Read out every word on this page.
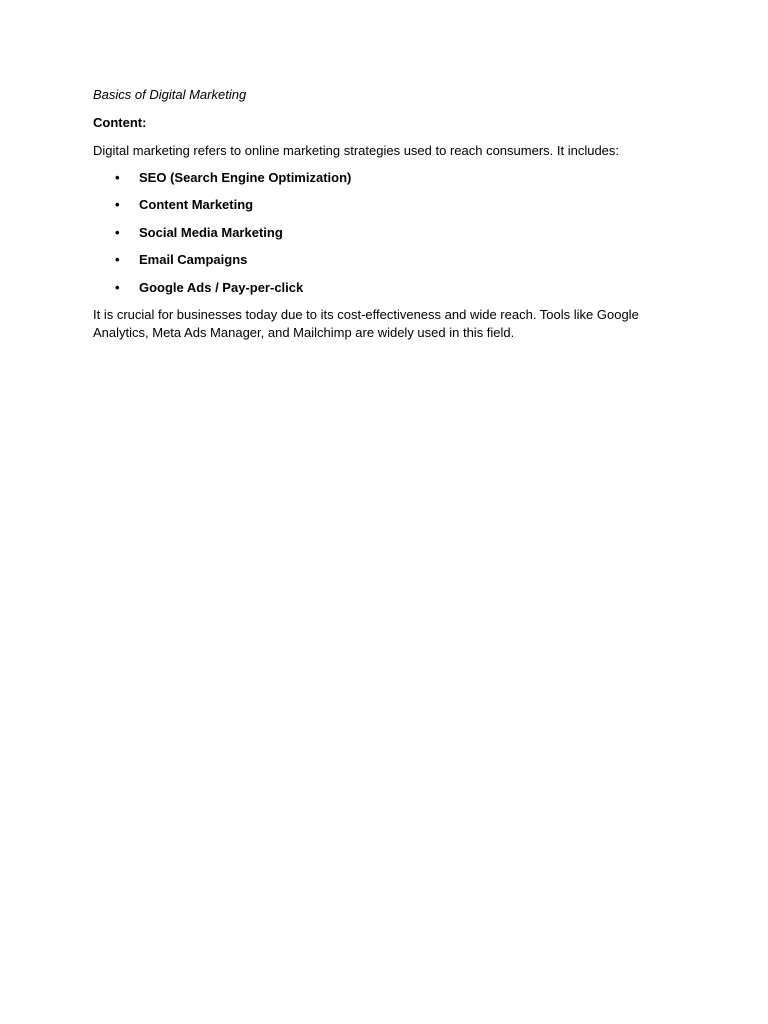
Basics of Digital Marketing

Content:

Digital marketing refers to online marketing strategies used to reach consumers. It includes:

• SEO (Search Engine Optimization)
• Content Marketing
• Social Media Marketing
• Email Campaigns
• Google Ads / Pay-per-click

It is crucial for businesses today due to its cost-effectiveness and wide reach. Tools like Google Analytics, Meta Ads Manager, and Mailchimp are widely used in this field.
